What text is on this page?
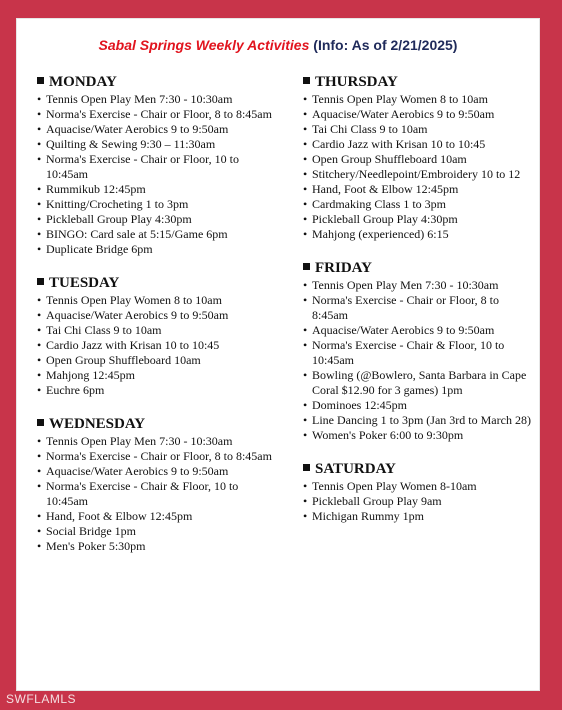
Sabal Springs Weekly Activities (Info: As of 2/21/2025)
MONDAY
• Tennis Open Play Men 7:30 - 10:30am
• Norma's Exercise - Chair or Floor, 8 to 8:45am
• Aquacise/Water Aerobics 9 to 9:50am
• Quilting & Sewing 9:30 – 11:30am
• Norma's Exercise - Chair or Floor, 10 to 10:45am
• Rummikub 12:45pm
• Knitting/Crocheting 1 to 3pm
• Pickleball Group Play 4:30pm
• BINGO: Card sale at 5:15/Game 6pm
• Duplicate Bridge 6pm
TUESDAY
• Tennis Open Play Women 8 to 10am
• Aquacise/Water Aerobics 9 to 9:50am
• Tai Chi Class 9 to 10am
• Cardio Jazz with Krisan 10 to 10:45
• Open Group Shuffleboard 10am
• Mahjong 12:45pm
• Euchre 6pm
WEDNESDAY
• Tennis Open Play Men 7:30 - 10:30am
• Norma's Exercise - Chair or Floor, 8 to 8:45am
• Aquacise/Water Aerobics 9 to 9:50am
• Norma's Exercise - Chair & Floor, 10 to 10:45am
• Hand, Foot & Elbow 12:45pm
• Social Bridge 1pm
• Men's Poker 5:30pm
THURSDAY
• Tennis Open Play Women 8 to 10am
• Aquacise/Water Aerobics 9 to 9:50am
• Tai Chi Class 9 to 10am
• Cardio Jazz with Krisan 10 to 10:45
• Open Group Shuffleboard 10am
• Stitchery/Needlepoint/Embroidery 10 to 12
• Hand, Foot & Elbow 12:45pm
• Cardmaking Class 1 to 3pm
• Pickleball Group Play 4:30pm
• Mahjong (experienced) 6:15
FRIDAY
• Tennis Open Play Men 7:30 - 10:30am
• Norma's Exercise - Chair or Floor, 8 to 8:45am
• Aquacise/Water Aerobics 9 to 9:50am
• Norma's Exercise - Chair & Floor, 10 to 10:45am
• Bowling (@Bowlero, Santa Barbara in Cape Coral $12.90 for 3 games) 1pm
• Dominoes 12:45pm
• Line Dancing 1 to 3pm (Jan 3rd to March 28)
• Women's Poker 6:00 to 9:30pm
SATURDAY
• Tennis Open Play Women 8-10am
• Pickleball Group Play 9am
• Michigan Rummy 1pm
SWFLAMLS
